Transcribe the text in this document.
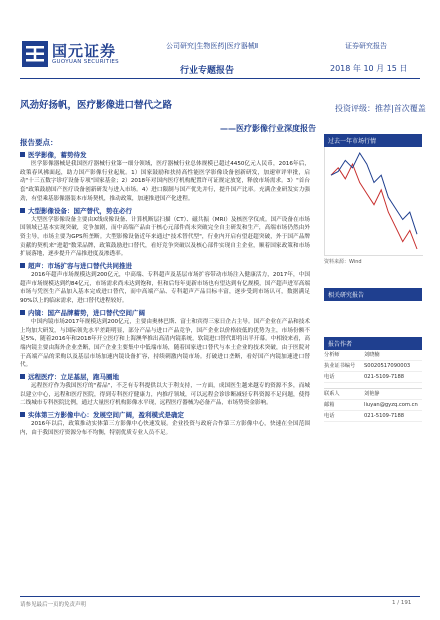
国元证券
GUOYUAN SECURITIES
公司研究|生物医药|医疗器械Ⅱ	证券研究报告
行业专题报告	2018 年 10 月 15 日
风劲好扬帆，医疗影像进口替代之路	投资评级：推荐|首次覆盖
——医疗影像行业深度报告
报告要点：
医学影像，蓄势待发

医学影像器械是我国医疗器械行业第一细分领域，医疗器械行业总体规模已超过4450亿元人民币，2016年后，政策春风拂面起，助力国产影像行业起航。1）国家鼓励和扶持高性能医学影像设备创新研发，加速审评审批，启动"十三五数字诊疗设备专项"国家基金；2）2018年对国内医疗机构配置许可证规定放宽，释放市场需求。3）"首台套"政策鼓励国产医疗设备创新研发与进入市场。4）进口限制与国产优先并行，提升国产比率。充满企业研发实力强劲，有望乘基影像器装本市场契机，推动政策，加速推进国产化进程。

大型影像设备：国产替代，势在必行

大型医学影像设备主要由X线成像设备、计算机断层扫描（CT）、磁共振（MRI）及核医学仪成。国产设备在市场国领域已基本实现突破，竞争加剧，而中高端产品由于核心元部件尚未突破完全自主研发和生产，高端市场仍然由外资主导，市场主要为GPS所垄断。大型影像设备近年来通过"技术替代型"，行业内开启有望赶超突破，外于国产品牌贡献的契机来"进超"数采品牌，政策鼓励进口替代，看好竞争突破以及核心部件实现自主企业，顺着国家政策和市场扩展落地，逐步提升产品推进度及渗透率。

超声：市场扩容与进口替代共同推进

2016年超声市场规模达到200亿元，中高端、专科超声及基层市场扩容带动市场注入健康活力，2017年，中国超声市场规模达到约84亿元，市场需求尚未达到饱和，但和后每年更新市场也有望达到有亿规模，国产超声进军高端市场与凭医生产品加入基本完成进口替代，而中高端产品、专科超声产品目标丰富，逐步受到市场认可，数据满足90%以上的临床需求，进口替代进程较好。

内镜：国产品牌蓄势，进口替代空间广阔

中国内镜市场2017年规模达到200亿元，主要由奥林巴斯、富士和宾得三家日企占主导。国产企业在产品和技术上均加大研发，与国际领先水平差距明显，部分产品与进口产品竞争，国产企业以价格较低的优势为主，市场份额不足5%，随着2016年和2018年开立医疗和上海澳华推出高清内镜系统，软镜进口替代即将出半开幕。中相较来看，高端内镜主要由海外企业垄断，国产企业主要集中中低端市场，随着国家进口替代与本土企业的技术突破，由于医院对于高端产品的采购以及基层市场加速内镜设备扩容，持续刺激内镜市场。打破进口垄断，看好国产内镜加速进口替代。

远程医疗：立足基层，跑马圈地

远程医疗作为我国医疗的"蓄品"，不乏有专科提供以大于利支持，一方面，成国医生越来越专的资源不多，而城以建立中心，远程和医疗医院，得到专科医疗健康力，内推疗领域，可以远程会诊诊断减轻专科资源不足问题，使得二线城市专科医院比例，通过大量医疗机构影像水平现，远程医疗器械为必备产品，市场势资金影响。

实体第三方影像中心：发展空间广阔，盈利模式是确定

2016年以后，政策推动实体第三方影像中心快速发展。企业投资与政府合作第三方影像中心，快速在全国范围内，由于我国医疗资源分布不均衡，特别优质专业人员不足。

过去一年市场行情
资料来源：Wind
相关研究报告
报告作者
分析师	刘晓楠
执业证书编号	S0020517090003
电话	021-5109-7188
联系人	刘艳静
邮箱	liuyan@gyzq.com.cn
电话	021-5109-7188
请参见最后一页的免责声明	1 / 191
